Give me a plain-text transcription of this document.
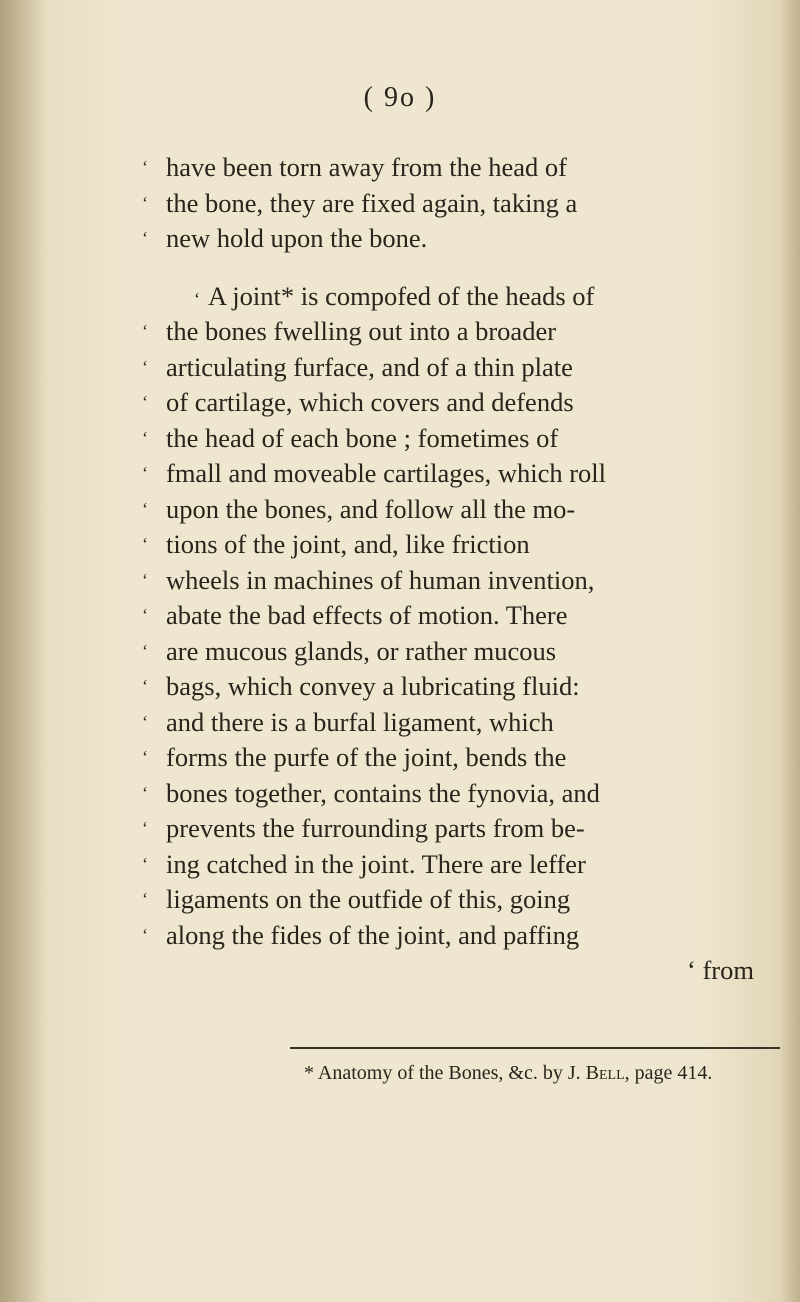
( 9o )
‘ have been torn away from the head of
‘ the bone, they are fixed again, taking a
‘ new hold upon the bone.
‘ A joint* is compofed of the heads of
‘ the bones fwelling out into a broader
‘ articulating furface, and of a thin plate
‘ of cartilage, which covers and defends
‘ the head of each bone ; fometimes of
‘ fmall and moveable cartilages, which roll
‘ upon the bones, and follow all the mo-
‘ tions of the joint, and, like friction
‘ wheels in machines of human invention,
‘ abate the bad effects of motion. There
‘ are mucous glands, or rather mucous
‘ bags, which convey a lubricating fluid:
‘ and there is a burfal ligament, which
‘ forms the purfe of the joint, bends the
‘ bones together, contains the fynovia, and
‘ prevents the furrounding parts from be-
‘ ing catched in the joint. There are leffer
‘ ligaments on the outfide of this, going
‘ along the fides of the joint, and paffing
‘ from
* Anatomy of the Bones, &c. by J. Bell, page 414.
